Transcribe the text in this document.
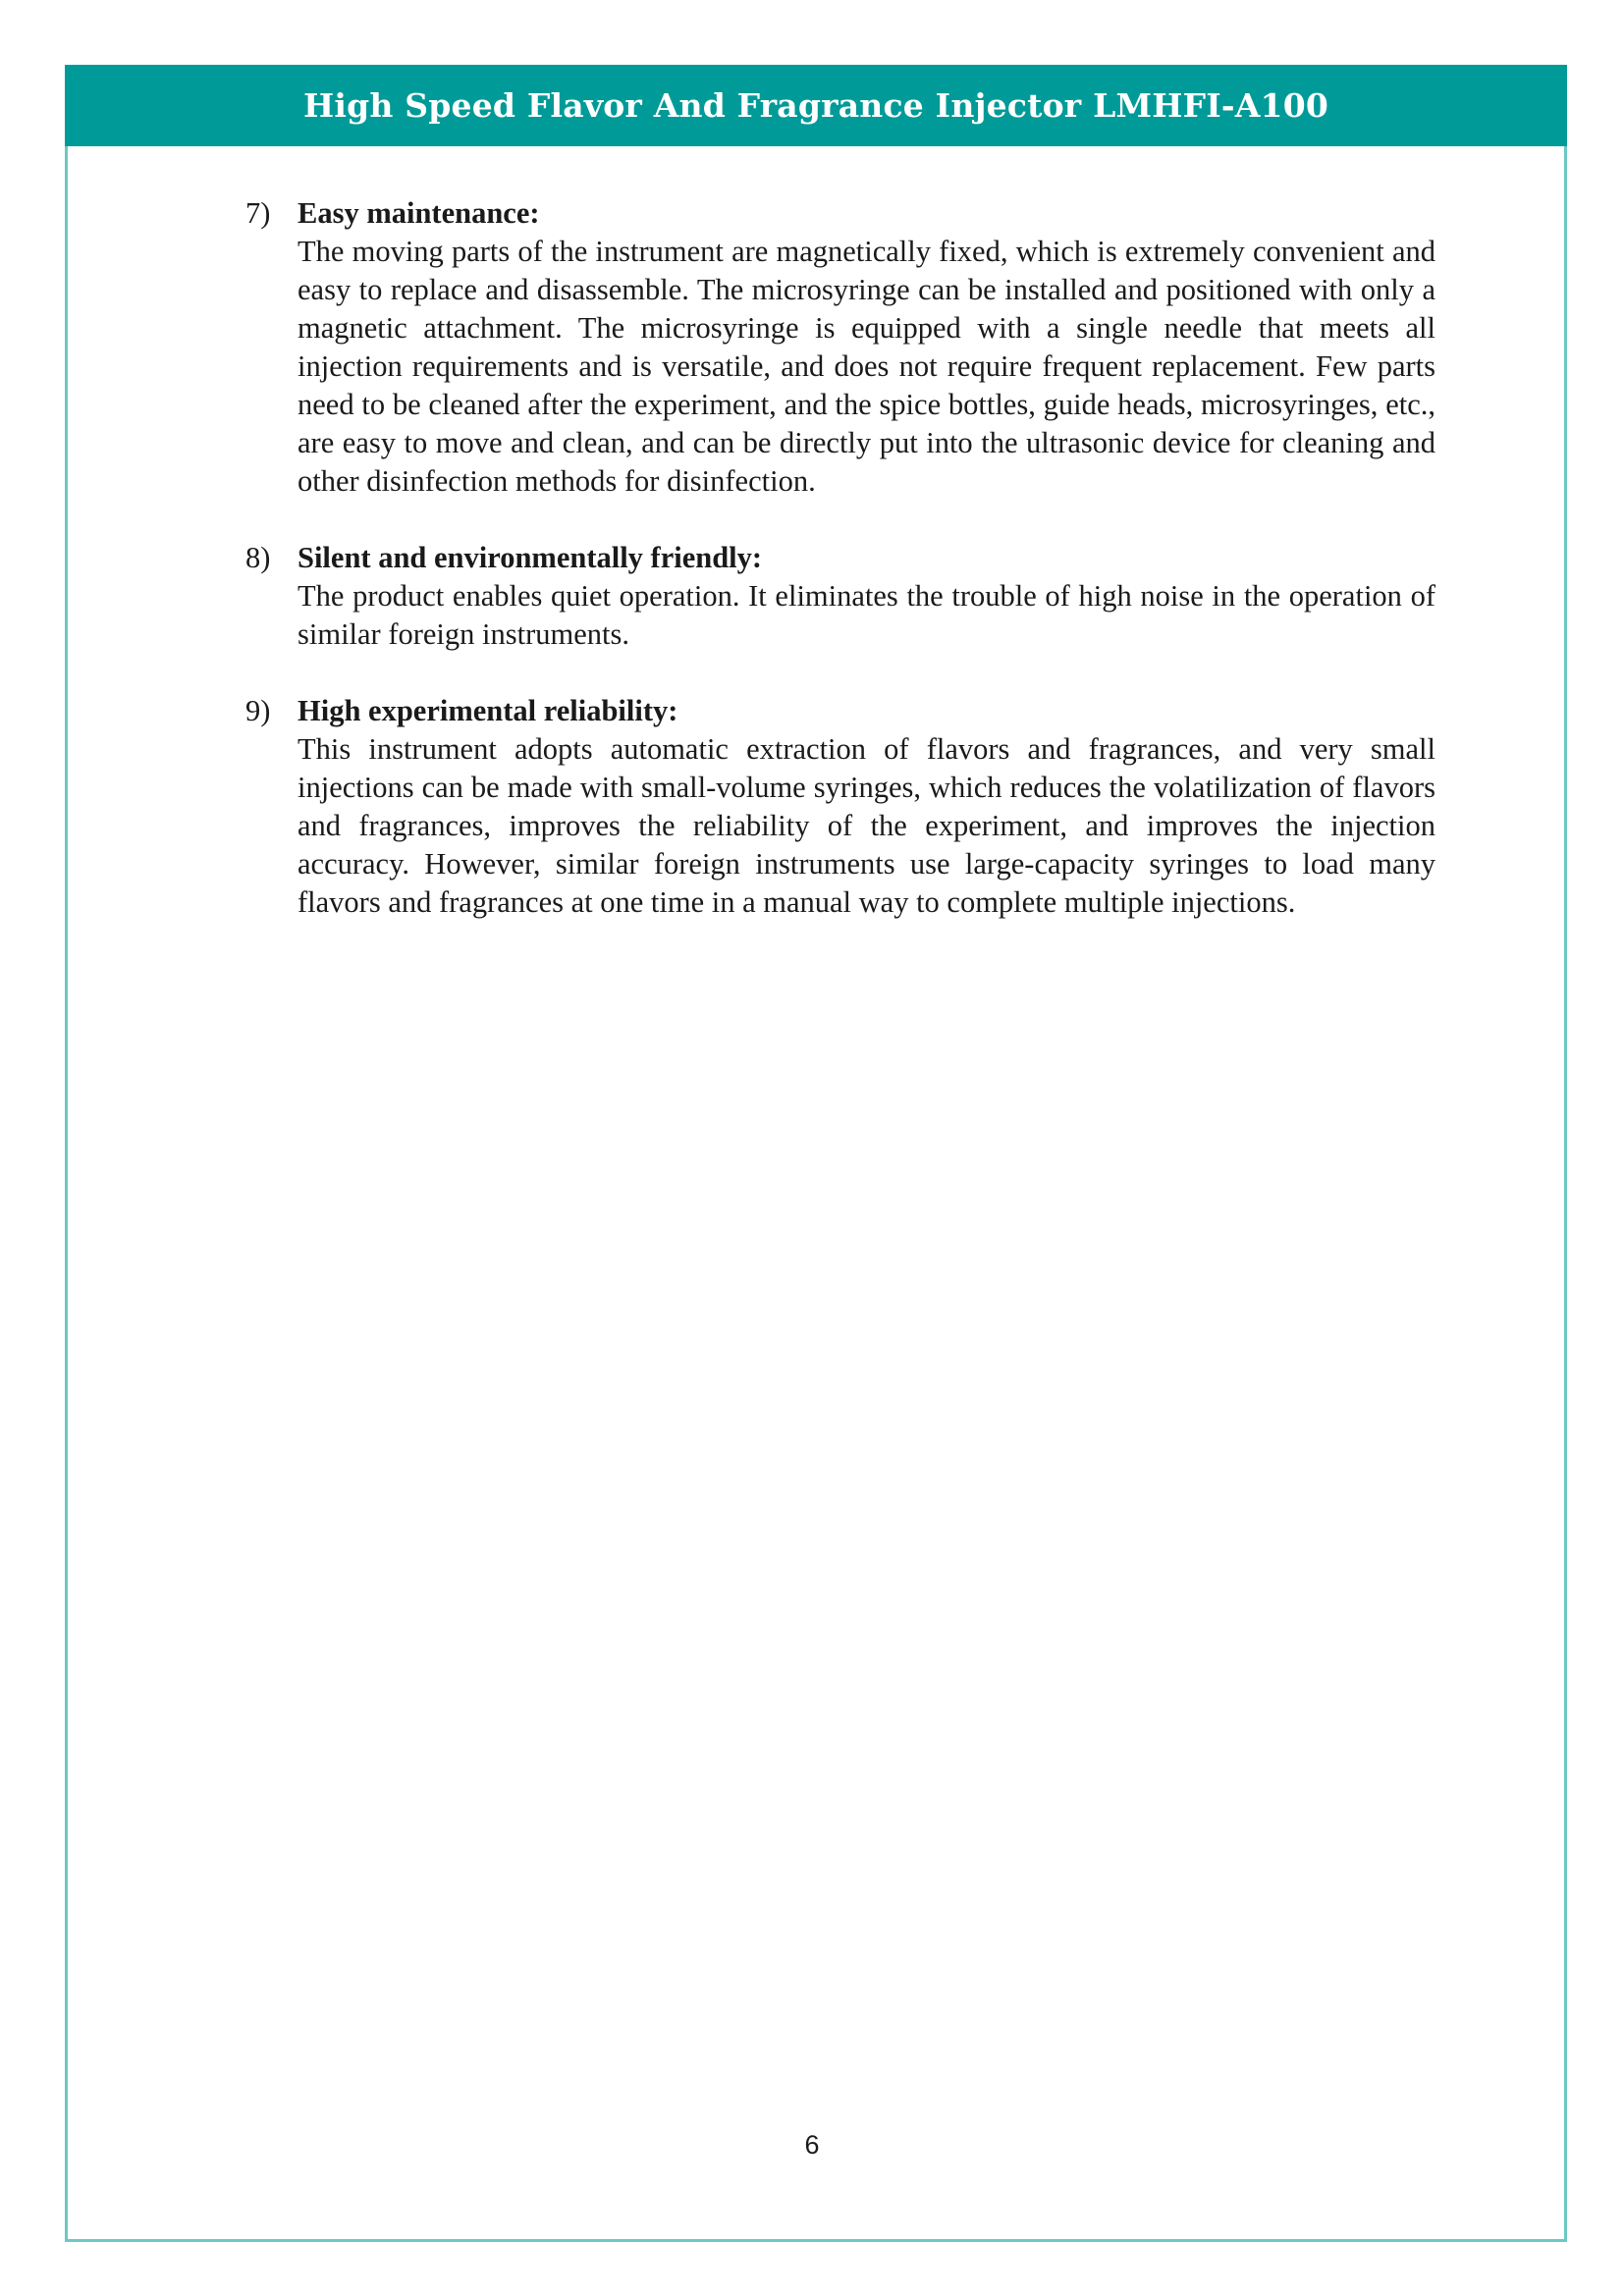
High Speed Flavor And Fragrance Injector LMHFI-A100
7) Easy maintenance:
The moving parts of the instrument are magnetically fixed, which is extremely convenient and easy to replace and disassemble. The microsyringe can be installed and positioned with only a magnetic attachment. The microsyringe is equipped with a single needle that meets all injection requirements and is versatile, and does not require frequent replacement. Few parts need to be cleaned after the experiment, and the spice bottles, guide heads, microsyringes, etc., are easy to move and clean, and can be directly put into the ultrasonic device for cleaning and other disinfection methods for disinfection.
8) Silent and environmentally friendly:
The product enables quiet operation. It eliminates the trouble of high noise in the operation of similar foreign instruments.
9) High experimental reliability:
This instrument adopts automatic extraction of flavors and fragrances, and very small injections can be made with small-volume syringes, which reduces the volatilization of flavors and fragrances, improves the reliability of the experiment, and improves the injection accuracy. However, similar foreign instruments use large-capacity syringes to load many flavors and fragrances at one time in a manual way to complete multiple injections.
6
